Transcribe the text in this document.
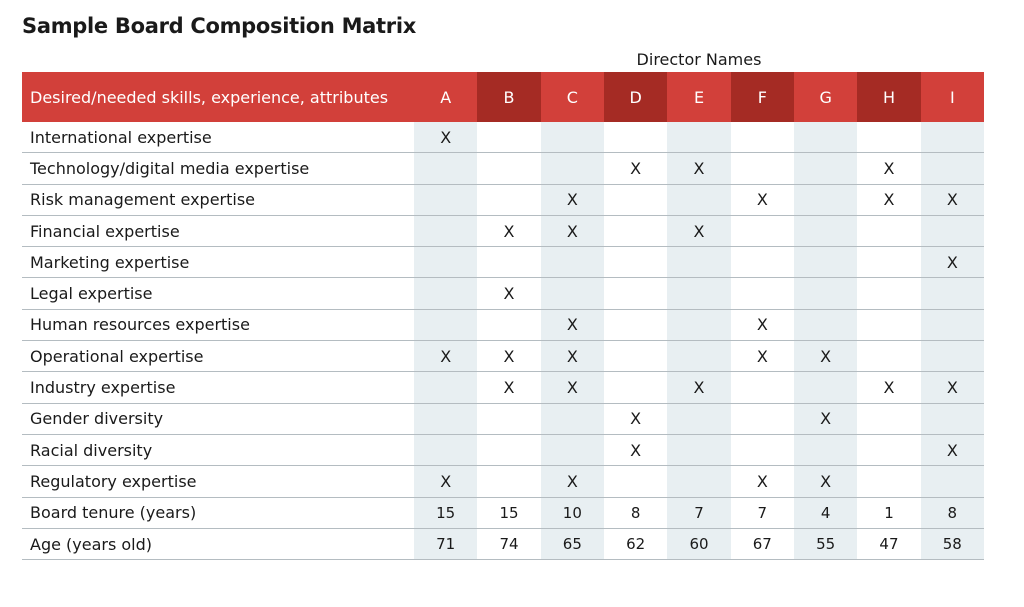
Sample Board Composition Matrix
Director Names
Desired/needed skills, experience, attributes	A	B	C	D	E	F	G	H	I
International expertise	X								
Technology/digital media expertise				X	X			X	
Risk management expertise			X			X		X	X
Financial expertise		X	X		X				
Marketing expertise									X
Legal expertise		X							
Human resources expertise			X			X			
Operational expertise	X	X	X			X	X		
Industry expertise		X	X		X			X	X
Gender diversity				X			X		
Racial diversity				X					X
Regulatory expertise	X		X			X	X		
Board tenure (years)	15	15	10	8	7	7	4	1	8
Age (years old)	71	74	65	62	60	67	55	47	58
